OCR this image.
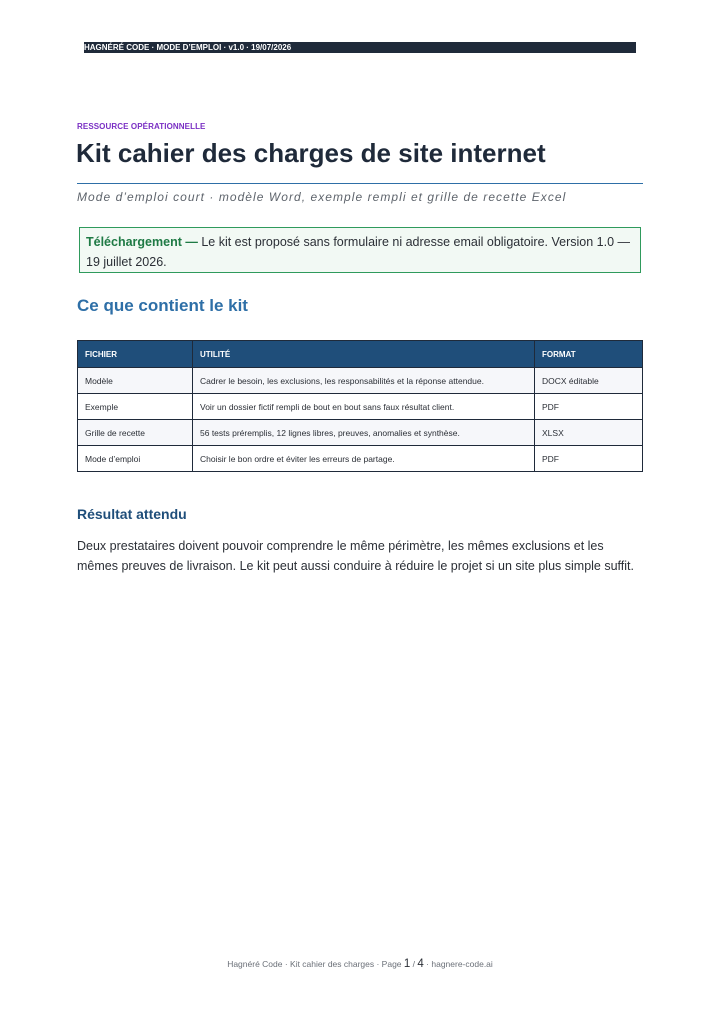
HAGNÉRÉ CODE · MODE D’EMPLOI · v1.0 · 19/07/2026
RESSOURCE OPÉRATIONNELLE
Kit cahier des charges de site internet
Mode d’emploi court · modèle Word, exemple rempli et grille de recette Excel
Téléchargement — Le kit est proposé sans formulaire ni adresse email obligatoire. Version 1.0 — 19 juillet 2026.
Ce que contient le kit
FICHIER	UTILITÉ	FORMAT
Modèle	Cadrer le besoin, les exclusions, les responsabilités et la réponse attendue.	DOCX éditable
Exemple	Voir un dossier fictif rempli de bout en bout sans faux résultat client.	PDF
Grille de recette	56 tests préremplis, 12 lignes libres, preuves, anomalies et synthèse.	XLSX
Mode d’emploi	Choisir le bon ordre et éviter les erreurs de partage.	PDF
Résultat attendu

Deux prestataires doivent pouvoir comprendre le même périmètre, les mêmes exclusions et les mêmes preuves de livraison. Le kit peut aussi conduire à réduire le projet si un site plus simple suffit.

Hagnéré Code · Kit cahier des charges · Page 1 / 4 · hagnere-code.ai
